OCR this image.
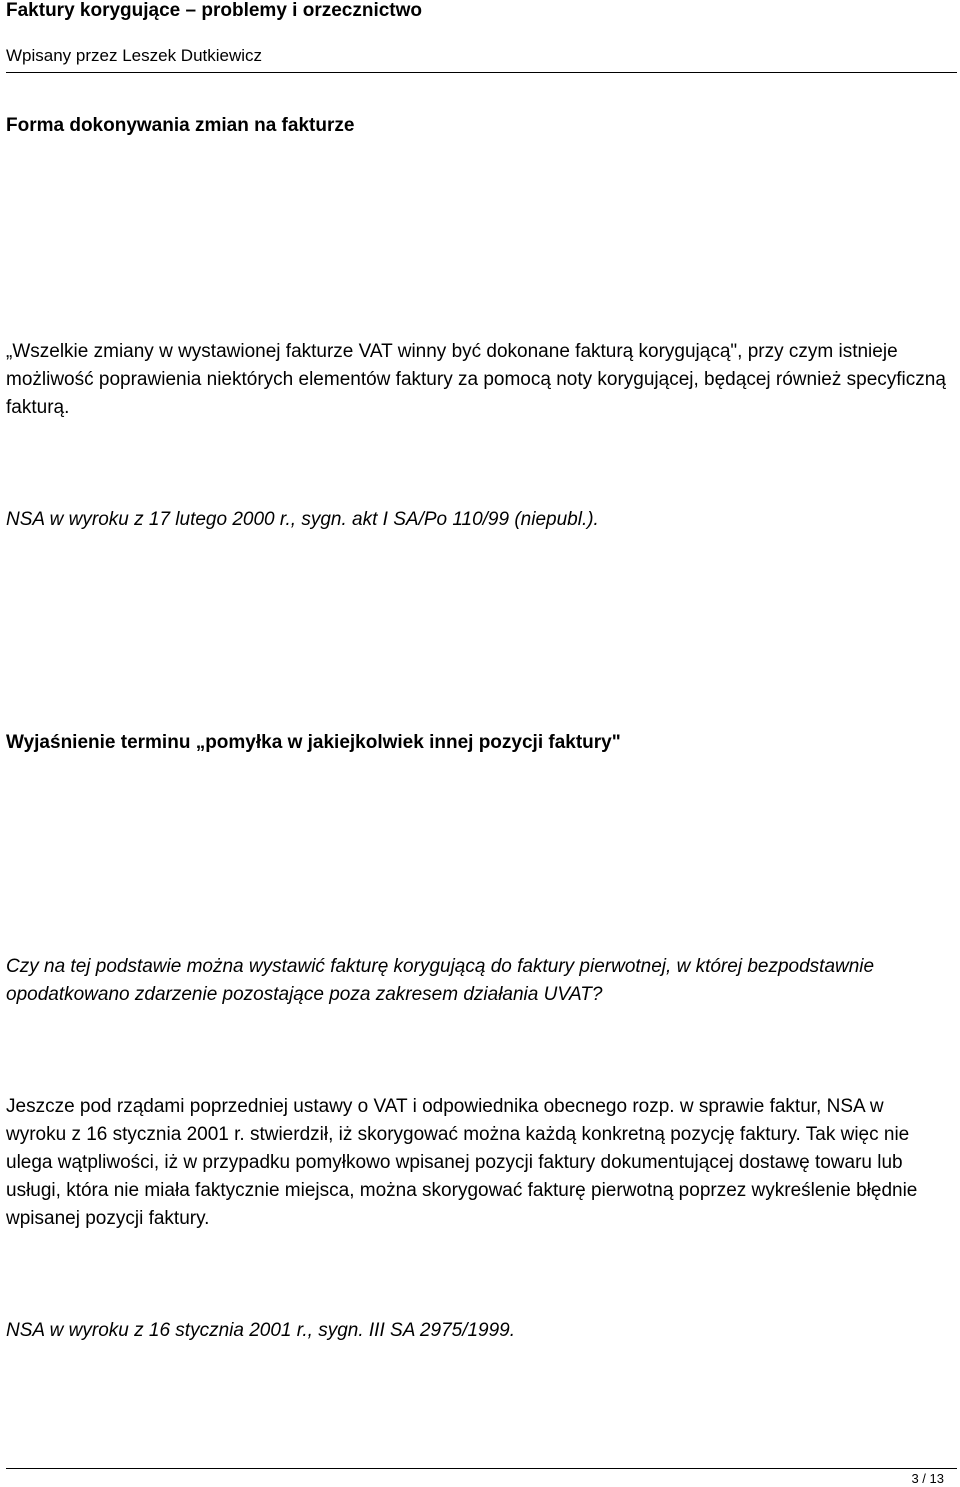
Faktury korygujące – problemy i orzecznictwo
Wpisany przez Leszek Dutkiewicz
Forma dokonywania zmian na fakturze
„Wszelkie zmiany w wystawionej fakturze VAT winny być dokonane fakturą korygującą", przy czym istnieje możliwość poprawienia niektórych elementów faktury za pomocą noty korygującej, będącej również specyficzną fakturą.
NSA w wyroku z 17 lutego 2000 r., sygn. akt I SA/Po 110/99 (niepubl.).
Wyjaśnienie terminu „pomyłka w jakiejkolwiek innej pozycji faktury"
Czy na tej podstawie można wystawić fakturę korygującą do faktury pierwotnej, w której bezpodstawnie opodatkowano zdarzenie pozostające poza zakresem działania UVAT?
Jeszcze pod rządami poprzedniej ustawy o VAT i odpowiednika obecnego rozp. w sprawie faktur, NSA w wyroku z 16 stycznia 2001 r. stwierdził, iż skorygować można każdą konkretną pozycję faktury. Tak więc nie ulega wątpliwości, iż w przypadku pomyłkowo wpisanej pozycji faktury dokumentującej dostawę towaru lub usługi, która nie miała faktycznie miejsca, można skorygować fakturę pierwotną poprzez wykreślenie błędnie wpisanej pozycji faktury.
NSA w wyroku z 16 stycznia 2001 r., sygn. III SA 2975/1999.
3 / 13
